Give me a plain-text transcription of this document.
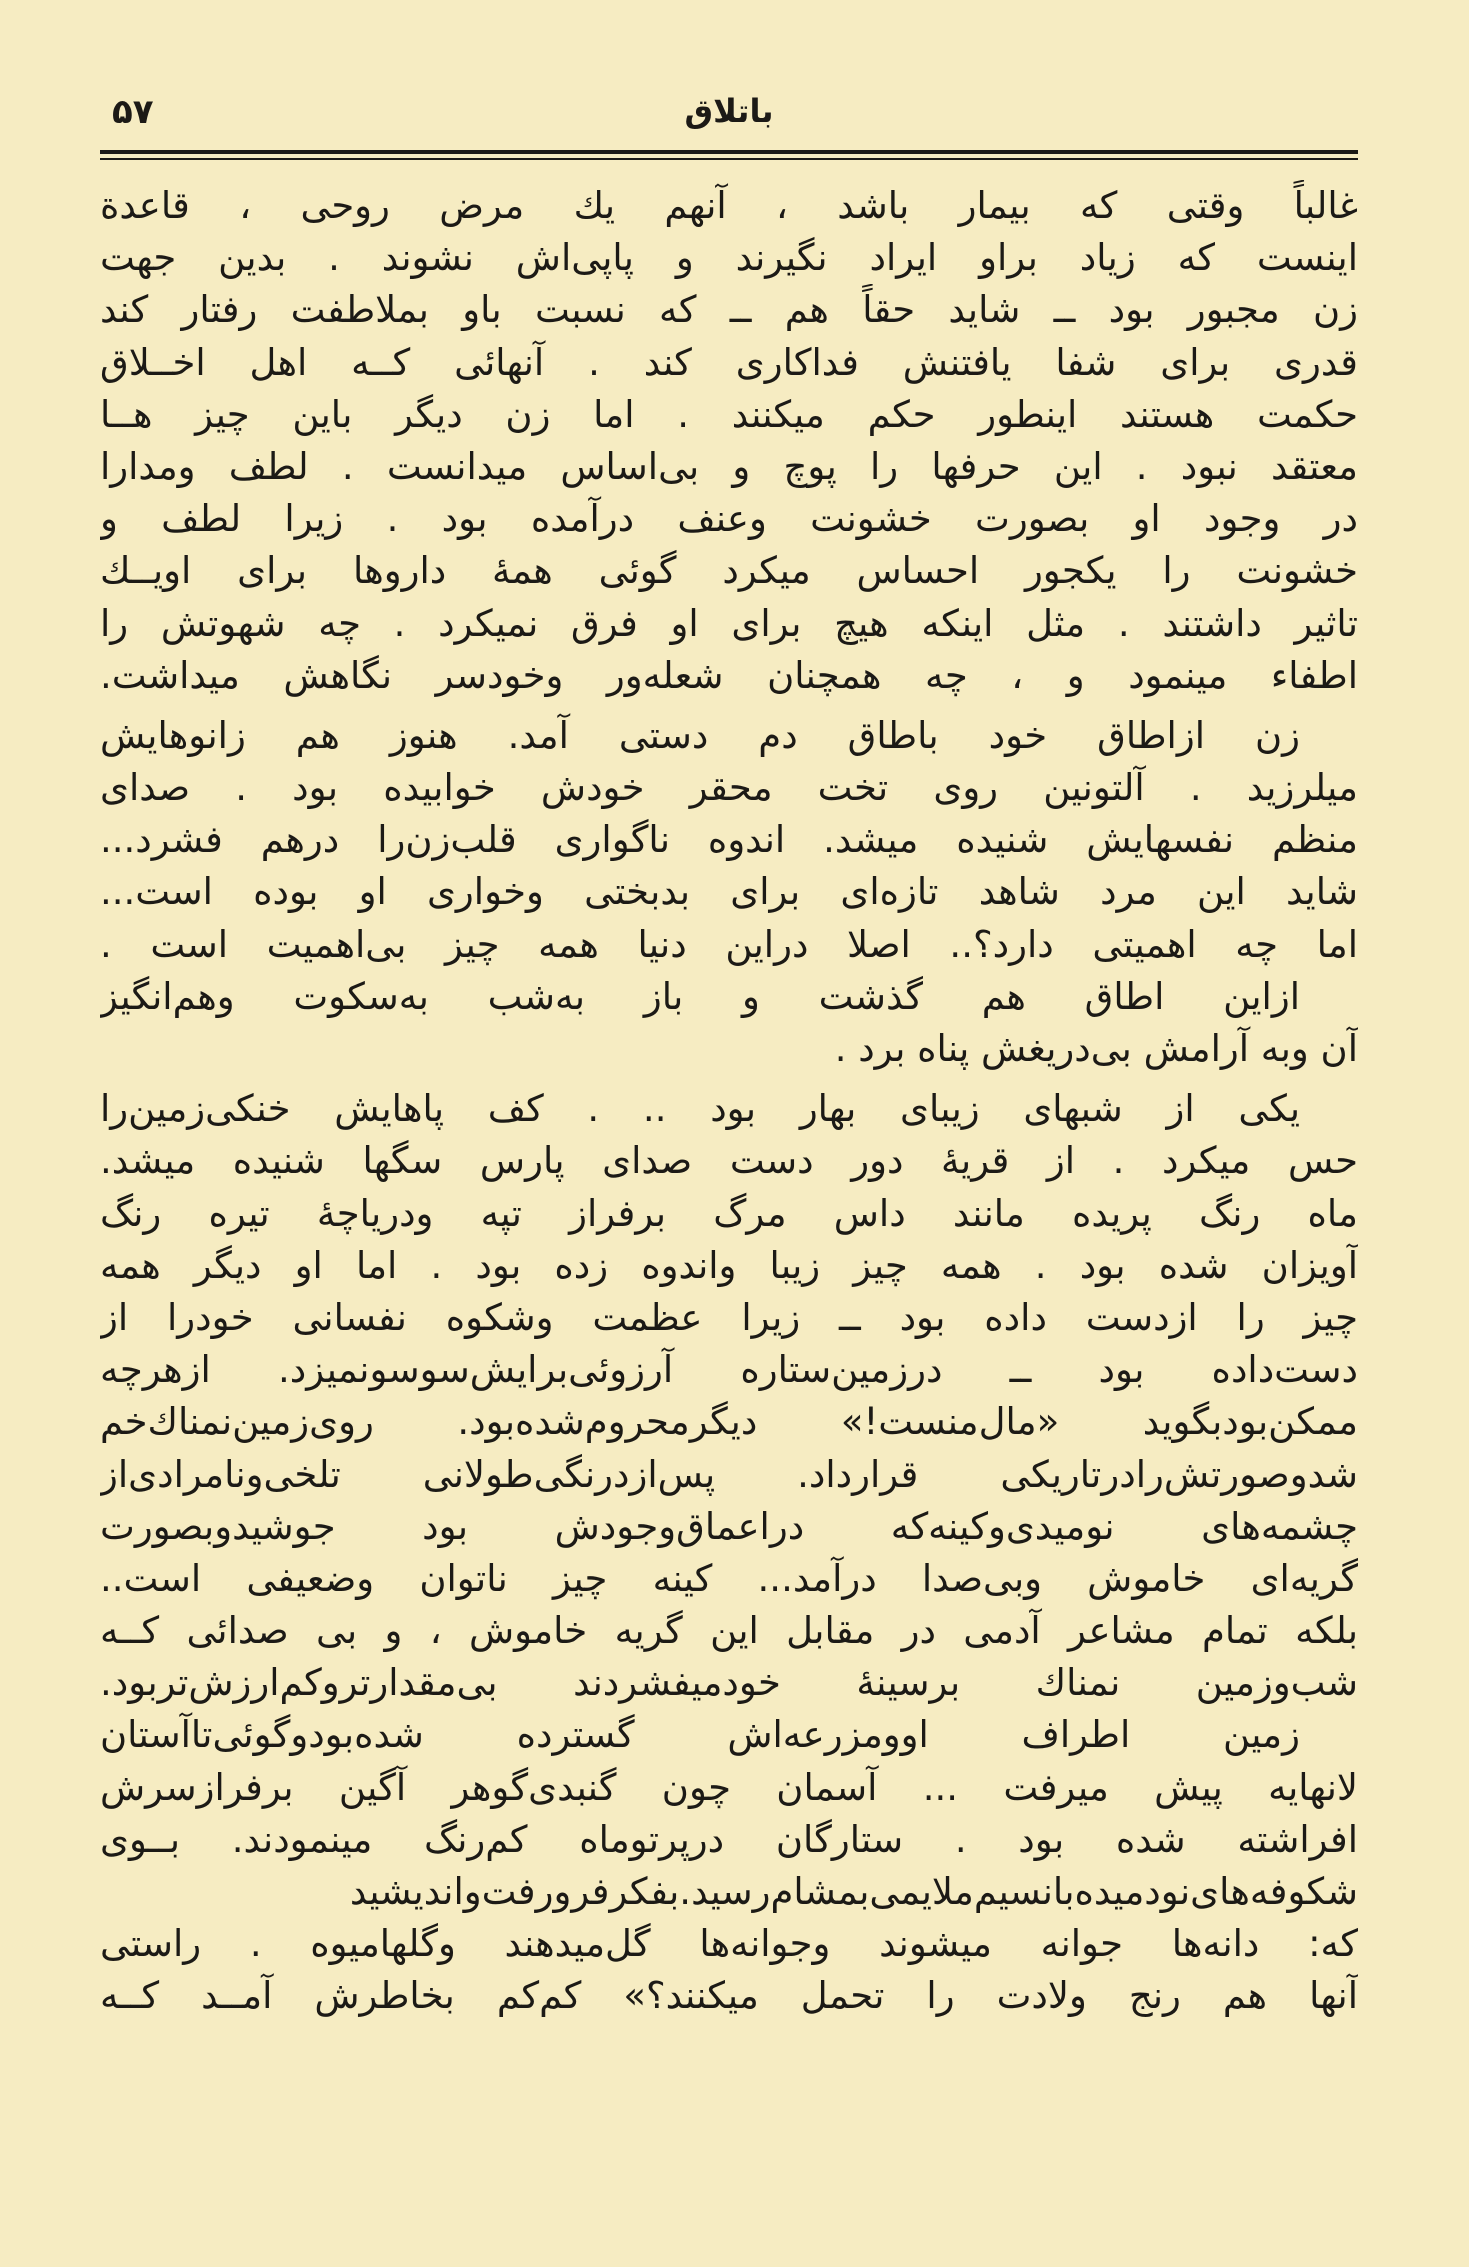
۵۷	باتلاق
غالباً وقتی که بیمار باشد ، آنهم یك مرض روحی ، قاعدة
اینست که زیاد براو ایراد نگیرند و پاپی‌اش نشوند . بدین جهت
زن مجبور بود ــ شاید حقاً هم ــ که نسبت باو بملاطفت رفتار کند
قدری برای شفا یافتنش فداکاری کند . آنهائی کــه اهل اخــلاق
حکمت هستند اینطور حکم میکنند . اما زن دیگر باین چیز هــا
معتقد نبود . این حرفها را پوچ و بی‌اساس میدانست . لطف ومدارا
در وجود او بصورت خشونت وعنف درآمده بود . زیرا لطف و
خشونت را یکجور احساس میکرد گوئی همهٔ داروها برای اویــك
تاثیر داشتند . مثل اینکه هیچ برای او فرق نمیکرد . چه شهوتش را
اطفاء مینمود و ، چه همچنان شعله‌ور وخودسر نگاهش میداشت.
زن ازاطاق خود باطاق دم دستی آمد. هنوز هم زانوهایش
میلرزید . آلتونین روی تخت محقر خودش خوابیده بود . صدای
منظم نفسهایش شنیده میشد. اندوه ناگواری قلب‌زن‌را درهم فشرد...
شاید این مرد شاهد تازه‌ای برای بدبختی وخواری او بوده است...
اما چه اهمیتی دارد؟.. اصلا دراین دنیا همه چیز بی‌اهمیت است .
ازاین اطاق هم گذشت و باز به‌شب به‌سکوت وهم‌انگیز
آن وبه آرامش بی‌دریغش پناه برد .
یکی از شبهای زیبای بهار بود .. . کف پاهایش خنکی‌زمین‌را
حس میکرد . از قریهٔ دور دست صدای پارس سگها شنیده میشد.
ماه رنگ پریده مانند داس مرگ برفراز تپه ودریاچهٔ تیره رنگ
آویزان شده بود . همه چیز زیبا واندوه زده بود . اما او دیگر همه
چیز را ازدست داده بود ــ زیرا عظمت وشکوه نفسانی خودرا از
دست‌داده بود ــ درزمین‌ستاره آرزوئی‌برایش‌سوسونمیزد. ازهرچه
ممکن‌بودبگوید «مال‌منست!» دیگرمحروم‌شده‌بود. روی‌زمین‌نمناك‌خم
شدوصورتش‌رادرتاریکی قرارداد. پس‌ازدرنگی‌طولانی تلخی‌ونامرادی‌از
چشمه‌های نومیدی‌وکینه‌که دراعماق‌وجودش بود جوشیدوبصورت
گریه‌ای خاموش وبی‌صدا درآمد... کینه چیز ناتوان وضعیفی است..
بلکه تمام مشاعر آدمی در مقابل این گریه خاموش ، و بی صدائی کــه
شب‌وزمین نمناك برسینهٔ خودمیفشردند بی‌مقدارتروکم‌ارزش‌تربود.
زمین اطراف اوومزرعه‌اش گسترده شده‌بودوگوئی‌تاآستان
لانهایه پیش میرفت ... آسمان چون گنبدی‌گوهر آگین برفرازسرش
افراشته شده بود . ستارگان درپرتوماه کم‌رنگ مینمودند. بــوی
شکوفه‌های‌نودمیده‌بانسیم‌ملایمی‌بمشام‌رسید.بفکرفرورفت‌واندیشید
که: دانه‌ها جوانه میشوند وجوانه‌ها گل‌میدهند وگلهامیوه . راستی
آنها هم رنج ولادت را تحمل میکنند؟» کم‌کم بخاطرش آمــد کــه
